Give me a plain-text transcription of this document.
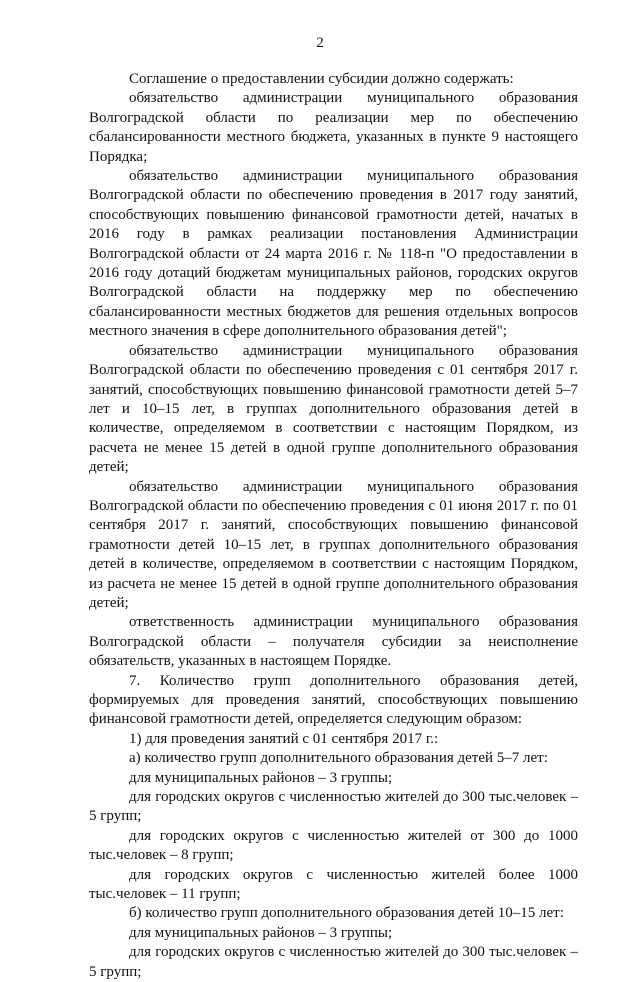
2

Соглашение о предоставлении субсидии должно содержать:

обязательство администрации муниципального образования Волгоградской области по реализации мер по обеспечению сбалансированности местного бюджета, указанных в пункте 9 настоящего Порядка;

обязательство администрации муниципального образования Волгоградской области по обеспечению проведения в 2017 году занятий, способствующих повышению финансовой грамотности детей, начатых в 2016 году в рамках реализации постановления Администрации Волгоградской области от 24 марта 2016 г. № 118-п "О предоставлении в 2016 году дотаций бюджетам муниципальных районов, городских округов Волгоградской области на поддержку мер по обеспечению сбалансированности местных бюджетов для решения отдельных вопросов местного значения в сфере дополнительного образования детей";

обязательство администрации муниципального образования Волгоградской области по обеспечению проведения с 01 сентября 2017 г. занятий, способствующих повышению финансовой грамотности детей 5–7 лет и 10–15 лет, в группах дополнительного образования детей в количестве, определяемом в соответствии с настоящим Порядком, из расчета не менее 15 детей в одной группе дополнительного образования детей;

обязательство администрации муниципального образования Волгоградской области по обеспечению проведения с 01 июня 2017 г. по 01 сентября 2017 г. занятий, способствующих повышению финансовой грамотности детей 10–15 лет, в группах дополнительного образования детей в количестве, определяемом в соответствии с настоящим Порядком, из расчета не менее 15 детей в одной группе дополнительного образования детей;

ответственность администрации муниципального образования Волгоградской области – получателя субсидии за неисполнение обязательств, указанных в настоящем Порядке.

7. Количество групп дополнительного образования детей, формируемых для проведения занятий, способствующих повышению финансовой грамотности детей, определяется следующим образом:

1) для проведения занятий с 01 сентября 2017 г.:

а) количество групп дополнительного образования детей 5–7 лет:

для муниципальных районов – 3 группы;

для городских округов с численностью жителей до 300 тыс.человек – 5 групп;

для городских округов с численностью жителей от 300 до 1000 тыс.человек – 8 групп;

для городских округов с численностью жителей более 1000 тыс.человек – 11 групп;

б) количество групп дополнительного образования детей 10–15 лет:

для муниципальных районов – 3 группы;

для городских округов с численностью жителей до 300 тыс.человек – 5 групп;
